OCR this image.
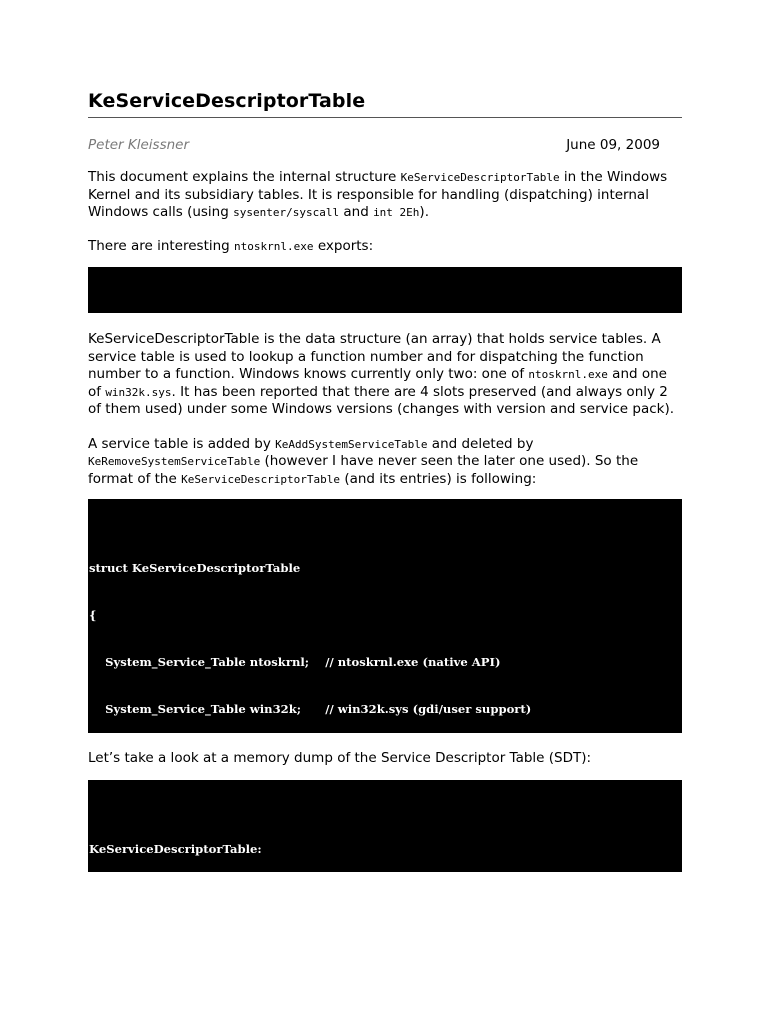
KeServiceDescriptorTable
Peter Kleissner	June 09, 2009

This document explains the internal structure KeServiceDescriptorTable in the Windows Kernel and its subsidiary tables. It is responsible for handling (dispatching) internal Windows calls (using sysenter/syscall and int 2Eh).

There are interesting ntoskrnl.exe exports:

KeServiceDescriptorTable is the data structure (an array) that holds service tables. A service table is used to lookup a function number and for dispatching the function number to a function. Windows knows currently only two: one of ntoskrnl.exe and one of win32k.sys. It has been reported that there are 4 slots preserved (and always only 2 of them used) under some Windows versions (changes with version and service pack).

A service table is added by KeAddSystemServiceTable and deleted by KeRemoveSystemServiceTable (however I have never seen the later one used). So the format of the KeServiceDescriptorTable (and its entries) is following:

struct KeServiceDescriptorTable

{

System_Service_Table ntoskrnl;    // ntoskrnl.exe (native API)

System_Service_Table win32k;      // win32k.sys (gdi/user support)

Let’s take a look at a memory dump of the Service Descriptor Table (SDT):

KeServiceDescriptorTable:
